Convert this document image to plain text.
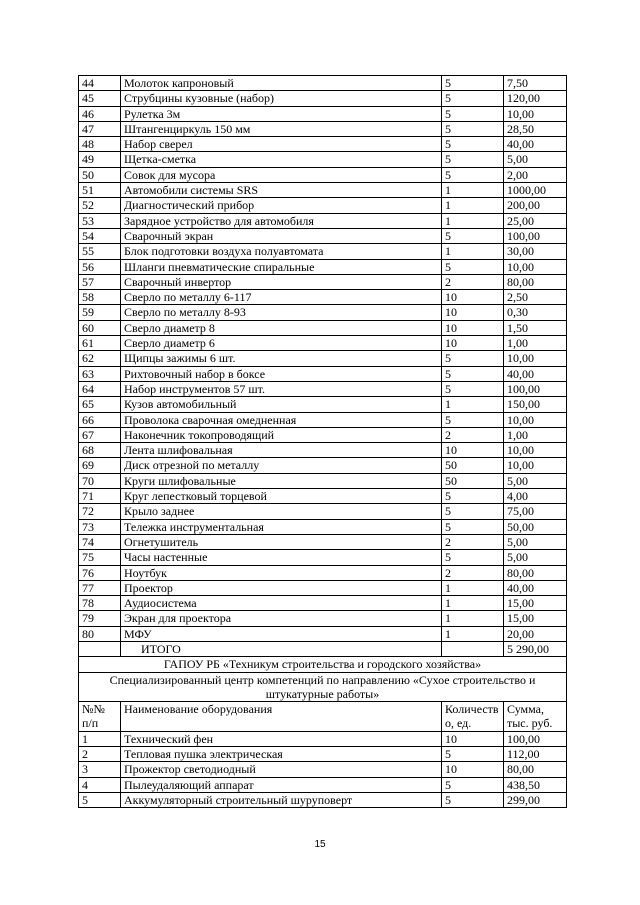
44	Молоток капроновый	5	7,50
45	Струбцины кузовные (набор)	5	120,00
46	Рулетка 3м	5	10,00
47	Штангенциркуль 150 мм	5	28,50
48	Набор сверел	5	40,00
49	Щетка-сметка	5	5,00
50	Совок для мусора	5	2,00
51	Автомобили системы SRS	1	1000,00
52	Диагностический прибор	1	200,00
53	Зарядное устройство для автомобиля	1	25,00
54	Сварочный экран	5	100,00
55	Блок подготовки воздуха полуавтомата	1	30,00
56	Шланги пневматические спиральные	5	10,00
57	Сварочный инвертор	2	80,00
58	Сверло по металлу 6-117	10	2,50
59	Сверло по металлу 8-93	10	0,30
60	Сверло диаметр 8	10	1,50
61	Сверло диаметр 6	10	1,00
62	Щипцы зажимы 6 шт.	5	10,00
63	Рихтовочный набор в боксе	5	40,00
64	Набор инструментов 57 шт.	5	100,00
65	Кузов автомобильный	1	150,00
66	Проволока сварочная омедненная	5	10,00
67	Наконечник токопроводящий	2	1,00
68	Лента шлифовальная	10	10,00
69	Диск отрезной по металлу	50	10,00
70	Круги шлифовальные	50	5,00
71	Круг лепестковый торцевой	5	4,00
72	Крыло заднее	5	75,00
73	Тележка инструментальная	5	50,00
74	Огнетушитель	2	5,00
75	Часы настенные	5	5,00
76	Ноутбук	2	80,00
77	Проектор	1	40,00
78	Аудиосистема	1	15,00
79	Экран для проектора	1	15,00
80	МФУ	1	20,00
	ИТОГО		5 290,00
ГАПОУ РБ «Техникум строительства и городского хозяйства»			
Специализированный центр компетенций по направлению «Сухое строительство и штукатурные работы»			
№№ п/п	Наименование оборудования	Количество, ед.	Сумма, тыс. руб.
1	Технический фен	10	100,00
2	Тепловая пушка электрическая	5	112,00
3	Прожектор светодиодный	10	80,00
4	Пылеудаляющий аппарат	5	438,50
5	Аккумуляторный строительный шуруповерт	5	299,00
15
